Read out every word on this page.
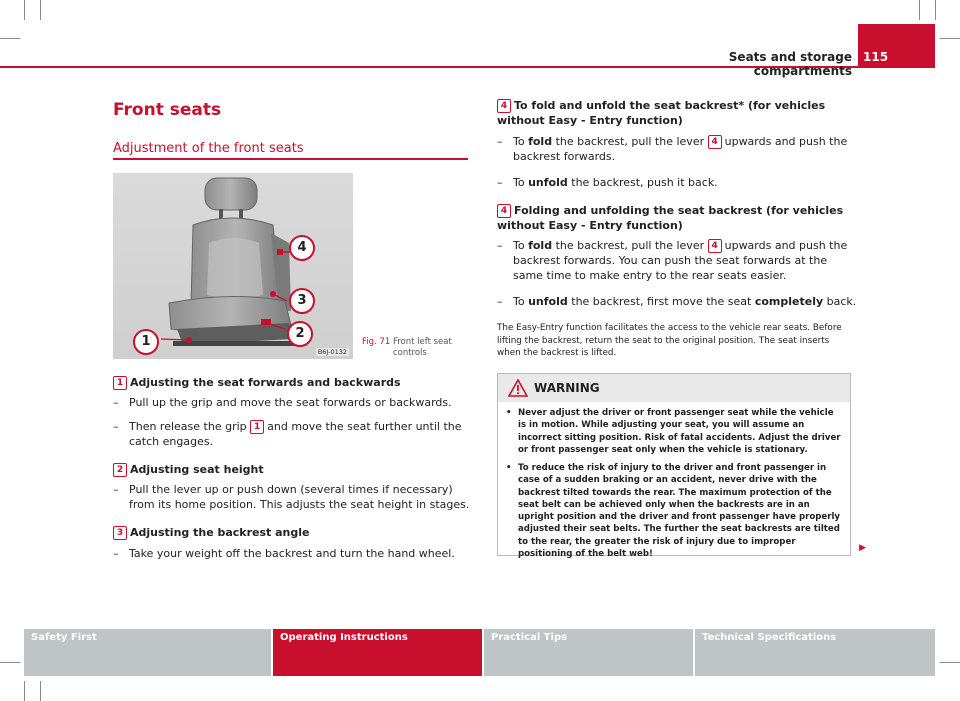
Seats and storage compartments
115
Front seats
Adjustment of the front seats
1
2
3
4
B6J-0132
Fig. 71 Front left seat controls
1 Adjusting the seat forwards and backwards
– Pull up the grip and move the seat forwards or backwards.
– Then release the grip 1 and move the seat further until the catch engages.
2 Adjusting seat height
– Pull the lever up or push down (several times if necessary) from its home position. This adjusts the seat height in stages.
3 Adjusting the backrest angle
– Take your weight off the backrest and turn the hand wheel.
4 To fold and unfold the seat backrest* (for vehicles without Easy - Entry function)
– To fold the backrest, pull the lever 4 upwards and push the backrest forwards.
– To unfold the backrest, push it back.
4 Folding and unfolding the seat backrest (for vehicles without Easy - Entry function)
– To fold the backrest, pull the lever 4 upwards and push the backrest forwards. You can push the seat forwards at the same time to make entry to the rear seats easier.
– To unfold the backrest, first move the seat completely back.
The Easy-Entry function facilitates the access to the vehicle rear seats. Before lifting the backrest, return the seat to the original position. The seat inserts when the backrest is lifted.
WARNING
• Never adjust the driver or front passenger seat while the vehicle is in motion. While adjusting your seat, you will assume an incorrect sitting position. Risk of fatal accidents. Adjust the driver or front passenger seat only when the vehicle is stationary.
• To reduce the risk of injury to the driver and front passenger in case of a sudden braking or an accident, never drive with the backrest tilted towards the rear. The maximum protection of the seat belt can be achieved only when the backrests are in an upright position and the driver and front passenger have properly adjusted their seat belts. The further the seat backrests are tilted to the rear, the greater the risk of injury due to improper positioning of the belt web!
▶
Safety First	Operating Instructions	Practical Tips	Technical Specifications
